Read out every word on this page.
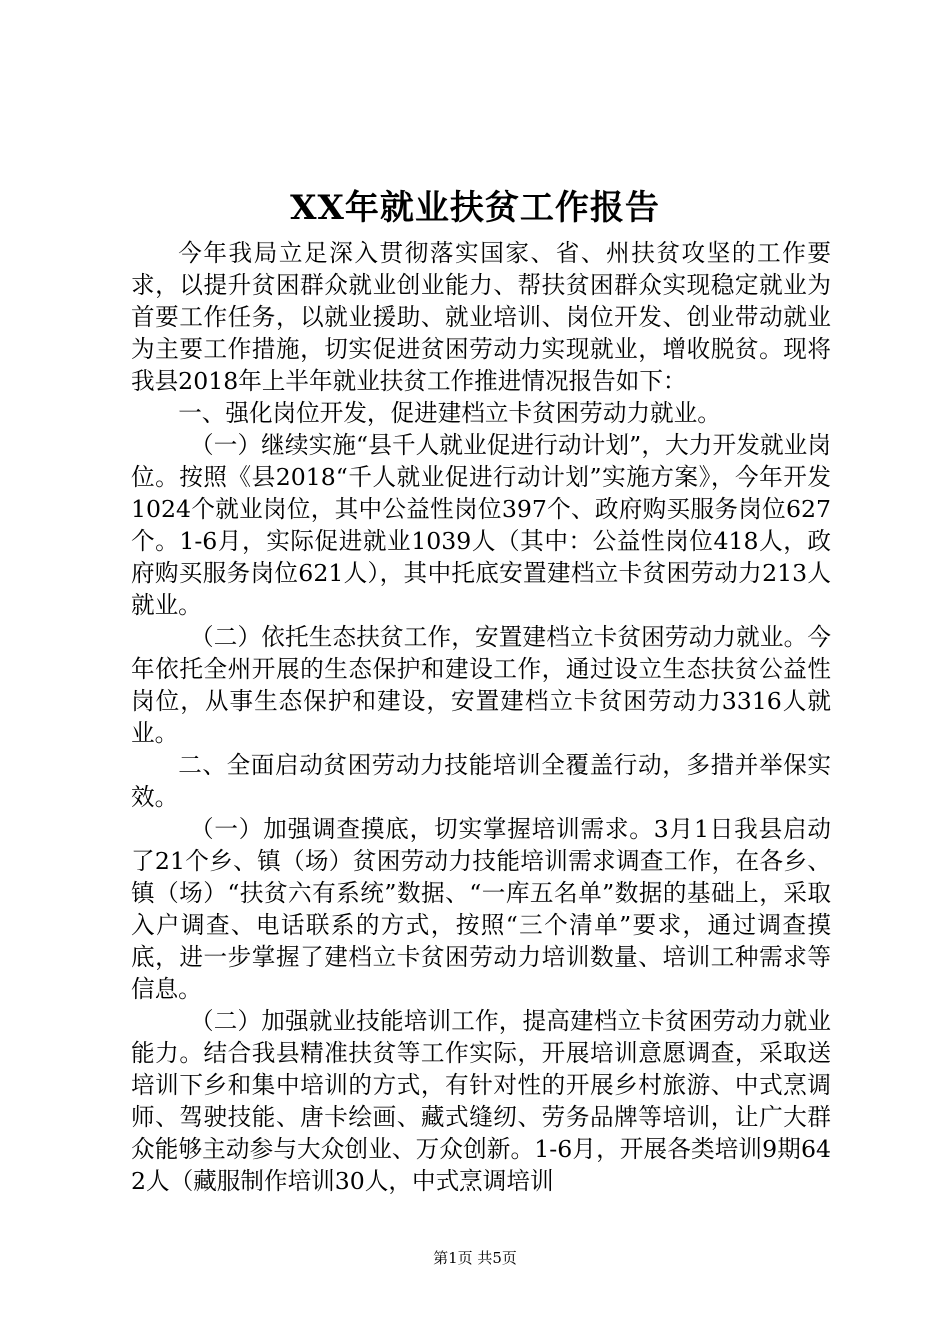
XX年就业扶贫工作报告

今年我局立足深入贯彻落实国家、省、州扶贫攻坚的工作要求，以提升贫困群众就业创业能力、帮扶贫困群众实现稳定就业为首要工作任务，以就业援助、就业培训、岗位开发、创业带动就业为主要工作措施，切实促进贫困劳动力实现就业，增收脱贫。现将我县2018年上半年就业扶贫工作推进情况报告如下：

一、强化岗位开发，促进建档立卡贫困劳动力就业。

（一）继续实施“县千人就业促进行动计划”，大力开发就业岗位。按照《县2018“千人就业促进行动计划”实施方案》，今年开发1024个就业岗位，其中公益性岗位397个、政府购买服务岗位627个。1-6月，实际促进就业1039人（其中：公益性岗位418人，政府购买服务岗位621人），其中托底安置建档立卡贫困劳动力213人就业。

（二）依托生态扶贫工作，安置建档立卡贫困劳动力就业。今年依托全州开展的生态保护和建设工作，通过设立生态扶贫公益性岗位，从事生态保护和建设，安置建档立卡贫困劳动力3316人就业。

二、全面启动贫困劳动力技能培训全覆盖行动，多措并举保实效。

（一）加强调查摸底，切实掌握培训需求。3月1日我县启动了21个乡、镇（场）贫困劳动力技能培训需求调查工作，在各乡、镇（场）“扶贫六有系统”数据、“一库五名单”数据的基础上，采取入户调查、电话联系的方式，按照“三个清单”要求，通过调查摸底，进一步掌握了建档立卡贫困劳动力培训数量、培训工种需求等信息。

（二）加强就业技能培训工作，提高建档立卡贫困劳动力就业能力。结合我县精准扶贫等工作实际，开展培训意愿调查，采取送培训下乡和集中培训的方式，有针对性的开展乡村旅游、中式烹调师、驾驶技能、唐卡绘画、藏式缝纫、劳务品牌等培训，让广大群众能够主动参与大众创业、万众创新。1-6月，开展各类培训9期642人（藏服制作培训30人，中式烹调培训

第1页 共5页
